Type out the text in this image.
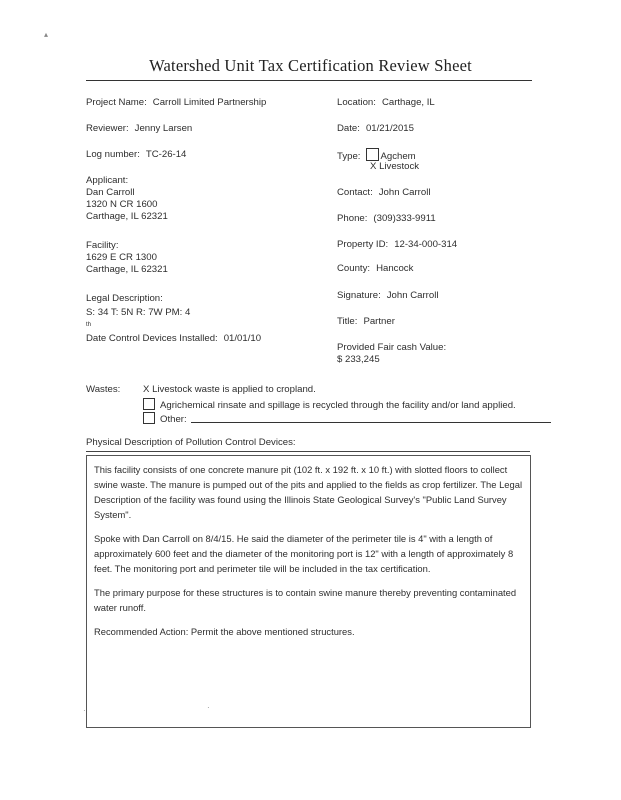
▴
Watershed Unit Tax Certification Review Sheet
Project Name: Carroll Limited Partnership
Reviewer: Jenny Larsen
Log number: TC-26-14
Applicant:
Dan Carroll
1320 N CR 1600
Carthage, IL 62321
Facility:
1629 E CR 1300
Carthage, IL 62321
Legal Description:
S: 34 T: 5N R: 7W PM: 4
$^{th}$
Date Control Devices Installed: 01/01/10
Location: Carthage, IL
Date: 01/21/2015
Type: Agchem
X Livestock
Contact: John Carroll
Phone: (309)333-9911
Property ID: 12-34-000-314
County: Hancock
Signature: John Carroll
Title: Partner
Provided Fair cash Value:
$ 233,245
Wastes: X Livestock waste is applied to cropland.
Agrichemical rinsate and spillage is recycled through the facility and/or land applied.
Other:
Physical Description of Pollution Control Devices:

This facility consists of one concrete manure pit (102 ft. x 192 ft. x 10 ft.) with slotted floors to collect swine waste. The manure is pumped out of the pits and applied to the fields as crop fertilizer. The Legal Description of the facility was found using the Illinois State Geological Survey's "Public Land Survey System".

Spoke with Dan Carroll on 8/4/15. He said the diameter of the perimeter tile is 4" with a length of approximately 600 feet and the diameter of the monitoring port is 12" with a length of approximately 8 feet. The monitoring port and perimeter tile will be included in the tax certification.

The primary purpose for these structures is to contain swine manure thereby preventing contaminated water runoff.

Recommended Action: Permit the above mentioned structures.

·	·
